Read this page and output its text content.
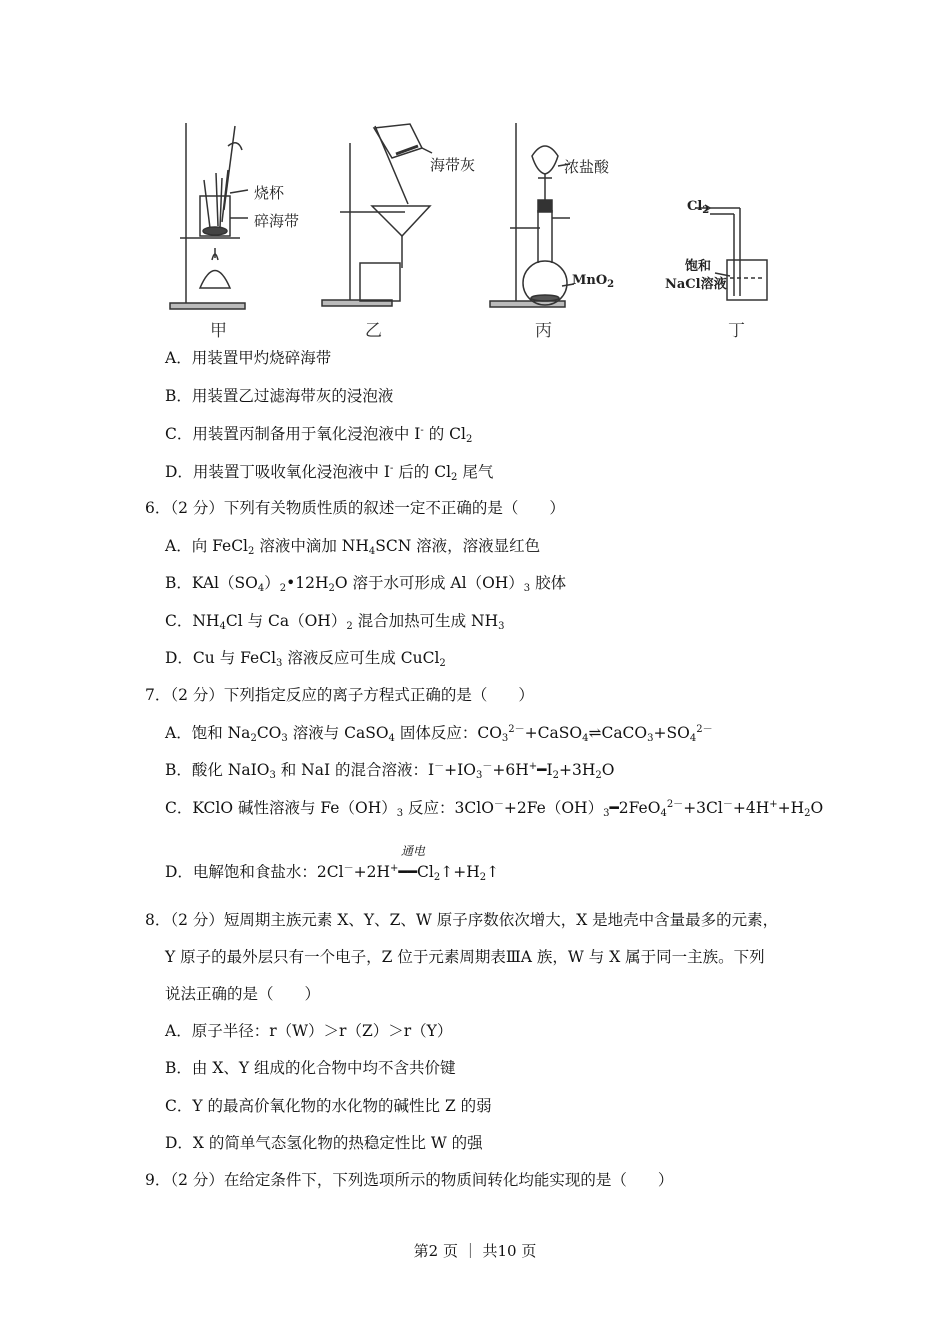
烧杯
碎海带
海带灰	浓盐酸
MnO$_2$
$Cl_2$
饱和
NaCl溶液
甲	乙	丙	丁
A．用装置甲灼烧碎海带
B．用装置乙过滤海带灰的浸泡液
C．用装置丙制备用于氧化浸泡液中 I- 的 $Cl_2$
D．用装置丁吸收氧化浸泡液中 I- 后的 $Cl_2$ 尾气
6．（2 分）下列有关物质性质的叙述一定不正确的是（　　）
A．向 FeCl$_2$ 溶液中滴加 $NH_4SCN$ 溶液，溶液显红色
B．$KAl(SO_4)_2•12H_2O$ 溶于水可形成 $Al(OH)_3$ 胶体
C．$NH_4Cl$ 与 $Ca(OH)_2$ 混合加热可生成 $NH_3$
D．Cu 与 FeCl$_3$ 溶液反应可生成 CuCl$_2$
7．（2 分）下列指定反应的离子方程式正确的是（　　）
A．饱和 $Na_2CO_3$ 溶液与 CaSO$_4$ 固体反应：$CO_3^{2-}+CaSO_4\rightleftharpoons CaCO_3+SO_4^{2-}$
B．酸化 NaIO$_3$ 和 NaI 的混合溶液：$I^-+IO_3^-+6H^+━I_2+3H_2O$
C．KClO 碱性溶液与 $Fe(OH)_3$ 反应：$3ClO^-+2Fe(OH)_3━2FeO_4^{2-}+3Cl^-+4H^++H_2O$
通电
D．电解饱和食盐水：$2Cl^-+2H^+━━Cl_2↑+H_2↑$
8．（2 分）短周期主族元素 X、Y、Z、W 原子序数依次增大，X 是地壳中含量最多的元素，
Y 原子的最外层只有一个电子，Z 位于元素周期表ⅢA 族，W 与 X 属于同一主族。下列
说法正确的是（　　）
A．原子半径：r（W）＞r（Z）＞r（Y）
B．由 X、Y 组成的化合物中均不含共价键
C．Y 的最高价氧化物的水化物的碱性比 Z 的弱
D．X 的简单气态氢化物的热稳定性比 W 的强
9．（2 分）在给定条件下，下列选项所示的物质间转化均能实现的是（　　）
第2 页 ｜ 共10 页
